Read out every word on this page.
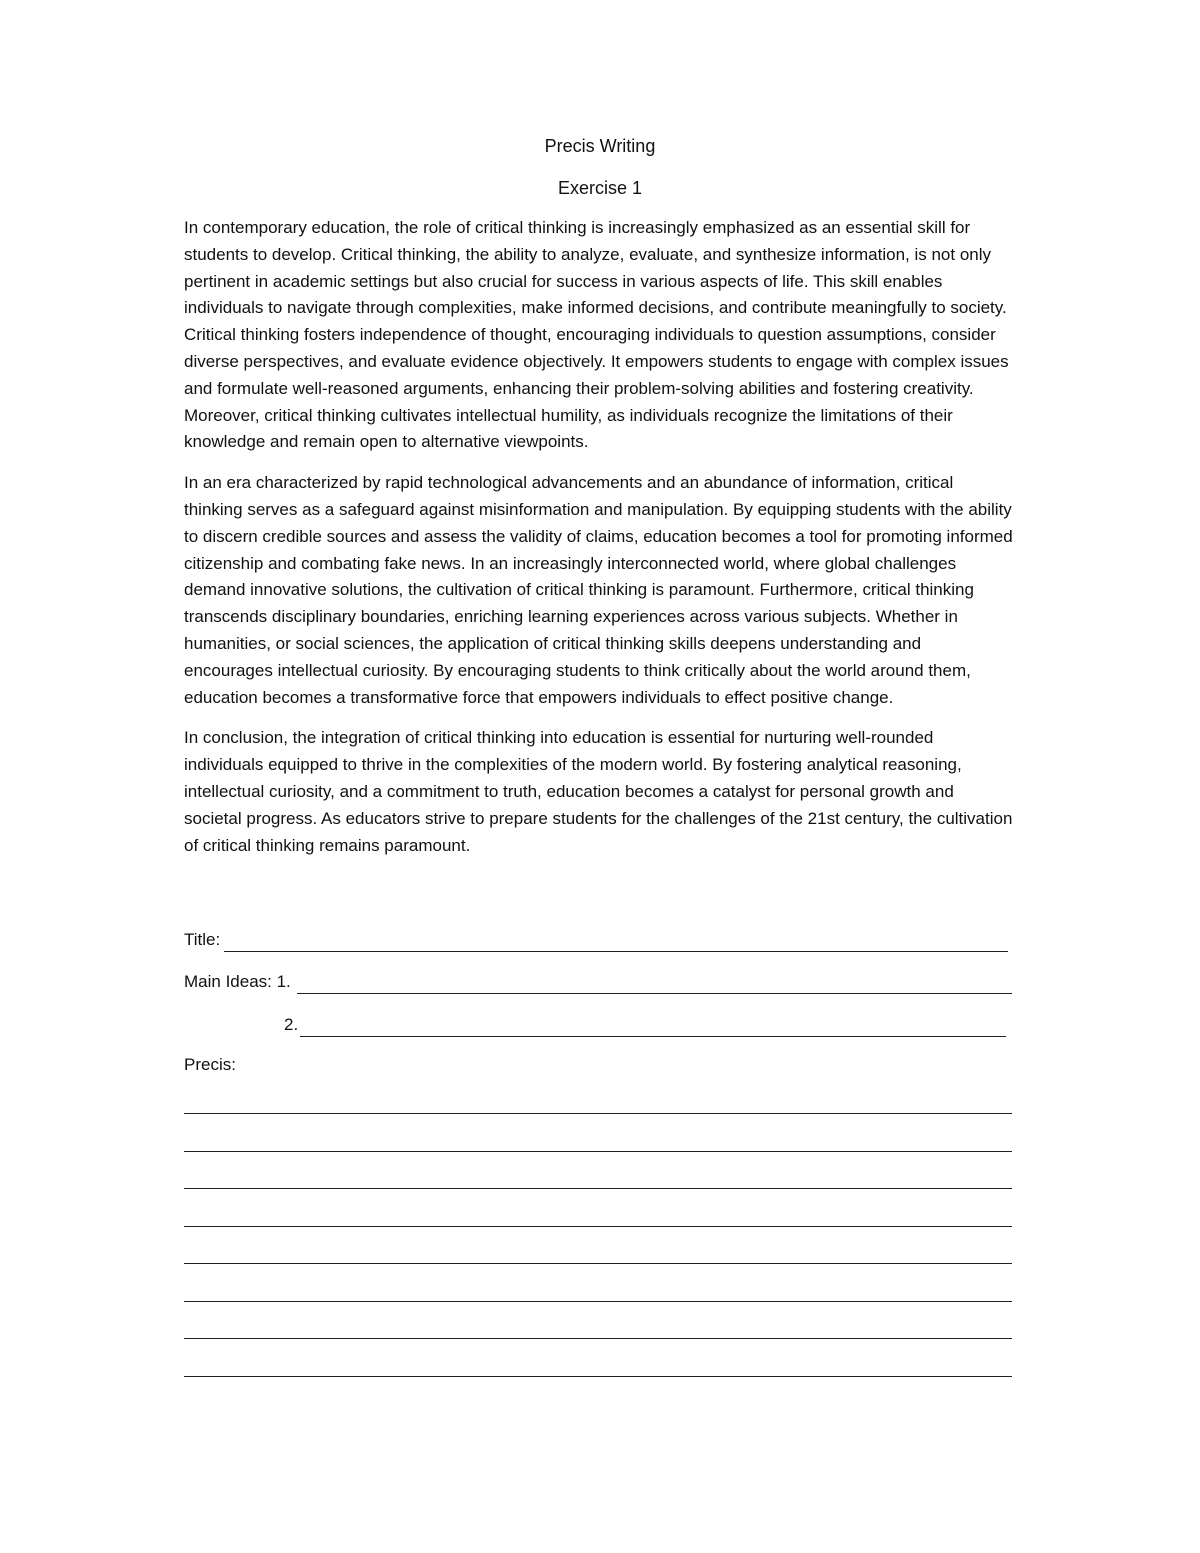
Precis Writing
Exercise 1

In contemporary education, the role of critical thinking is increasingly emphasized as an essential skill for students to develop. Critical thinking, the ability to analyze, evaluate, and synthesize information, is not only pertinent in academic settings but also crucial for success in various aspects of life. This skill enables individuals to navigate through complexities, make informed decisions, and contribute meaningfully to society. Critical thinking fosters independence of thought, encouraging individuals to question assumptions, consider diverse perspectives, and evaluate evidence objectively. It empowers students to engage with complex issues and formulate well-reasoned arguments, enhancing their problem-solving abilities and fostering creativity. Moreover, critical thinking cultivates intellectual humility, as individuals recognize the limitations of their knowledge and remain open to alternative viewpoints.

In an era characterized by rapid technological advancements and an abundance of information, critical thinking serves as a safeguard against misinformation and manipulation. By equipping students with the ability to discern credible sources and assess the validity of claims, education becomes a tool for promoting informed citizenship and combating fake news. In an increasingly interconnected world, where global challenges demand innovative solutions, the cultivation of critical thinking is paramount. Furthermore, critical thinking transcends disciplinary boundaries, enriching learning experiences across various subjects. Whether in humanities, or social sciences, the application of critical thinking skills deepens understanding and encourages intellectual curiosity. By encouraging students to think critically about the world around them, education becomes a transformative force that empowers individuals to effect positive change.

In conclusion, the integration of critical thinking into education is essential for nurturing well-rounded individuals equipped to thrive in the complexities of the modern world. By fostering analytical reasoning, intellectual curiosity, and a commitment to truth, education becomes a catalyst for personal growth and societal progress. As educators strive to prepare students for the challenges of the 21st century, the cultivation of critical thinking remains paramount.

Title:
Main Ideas: 1.
2.
Precis:
